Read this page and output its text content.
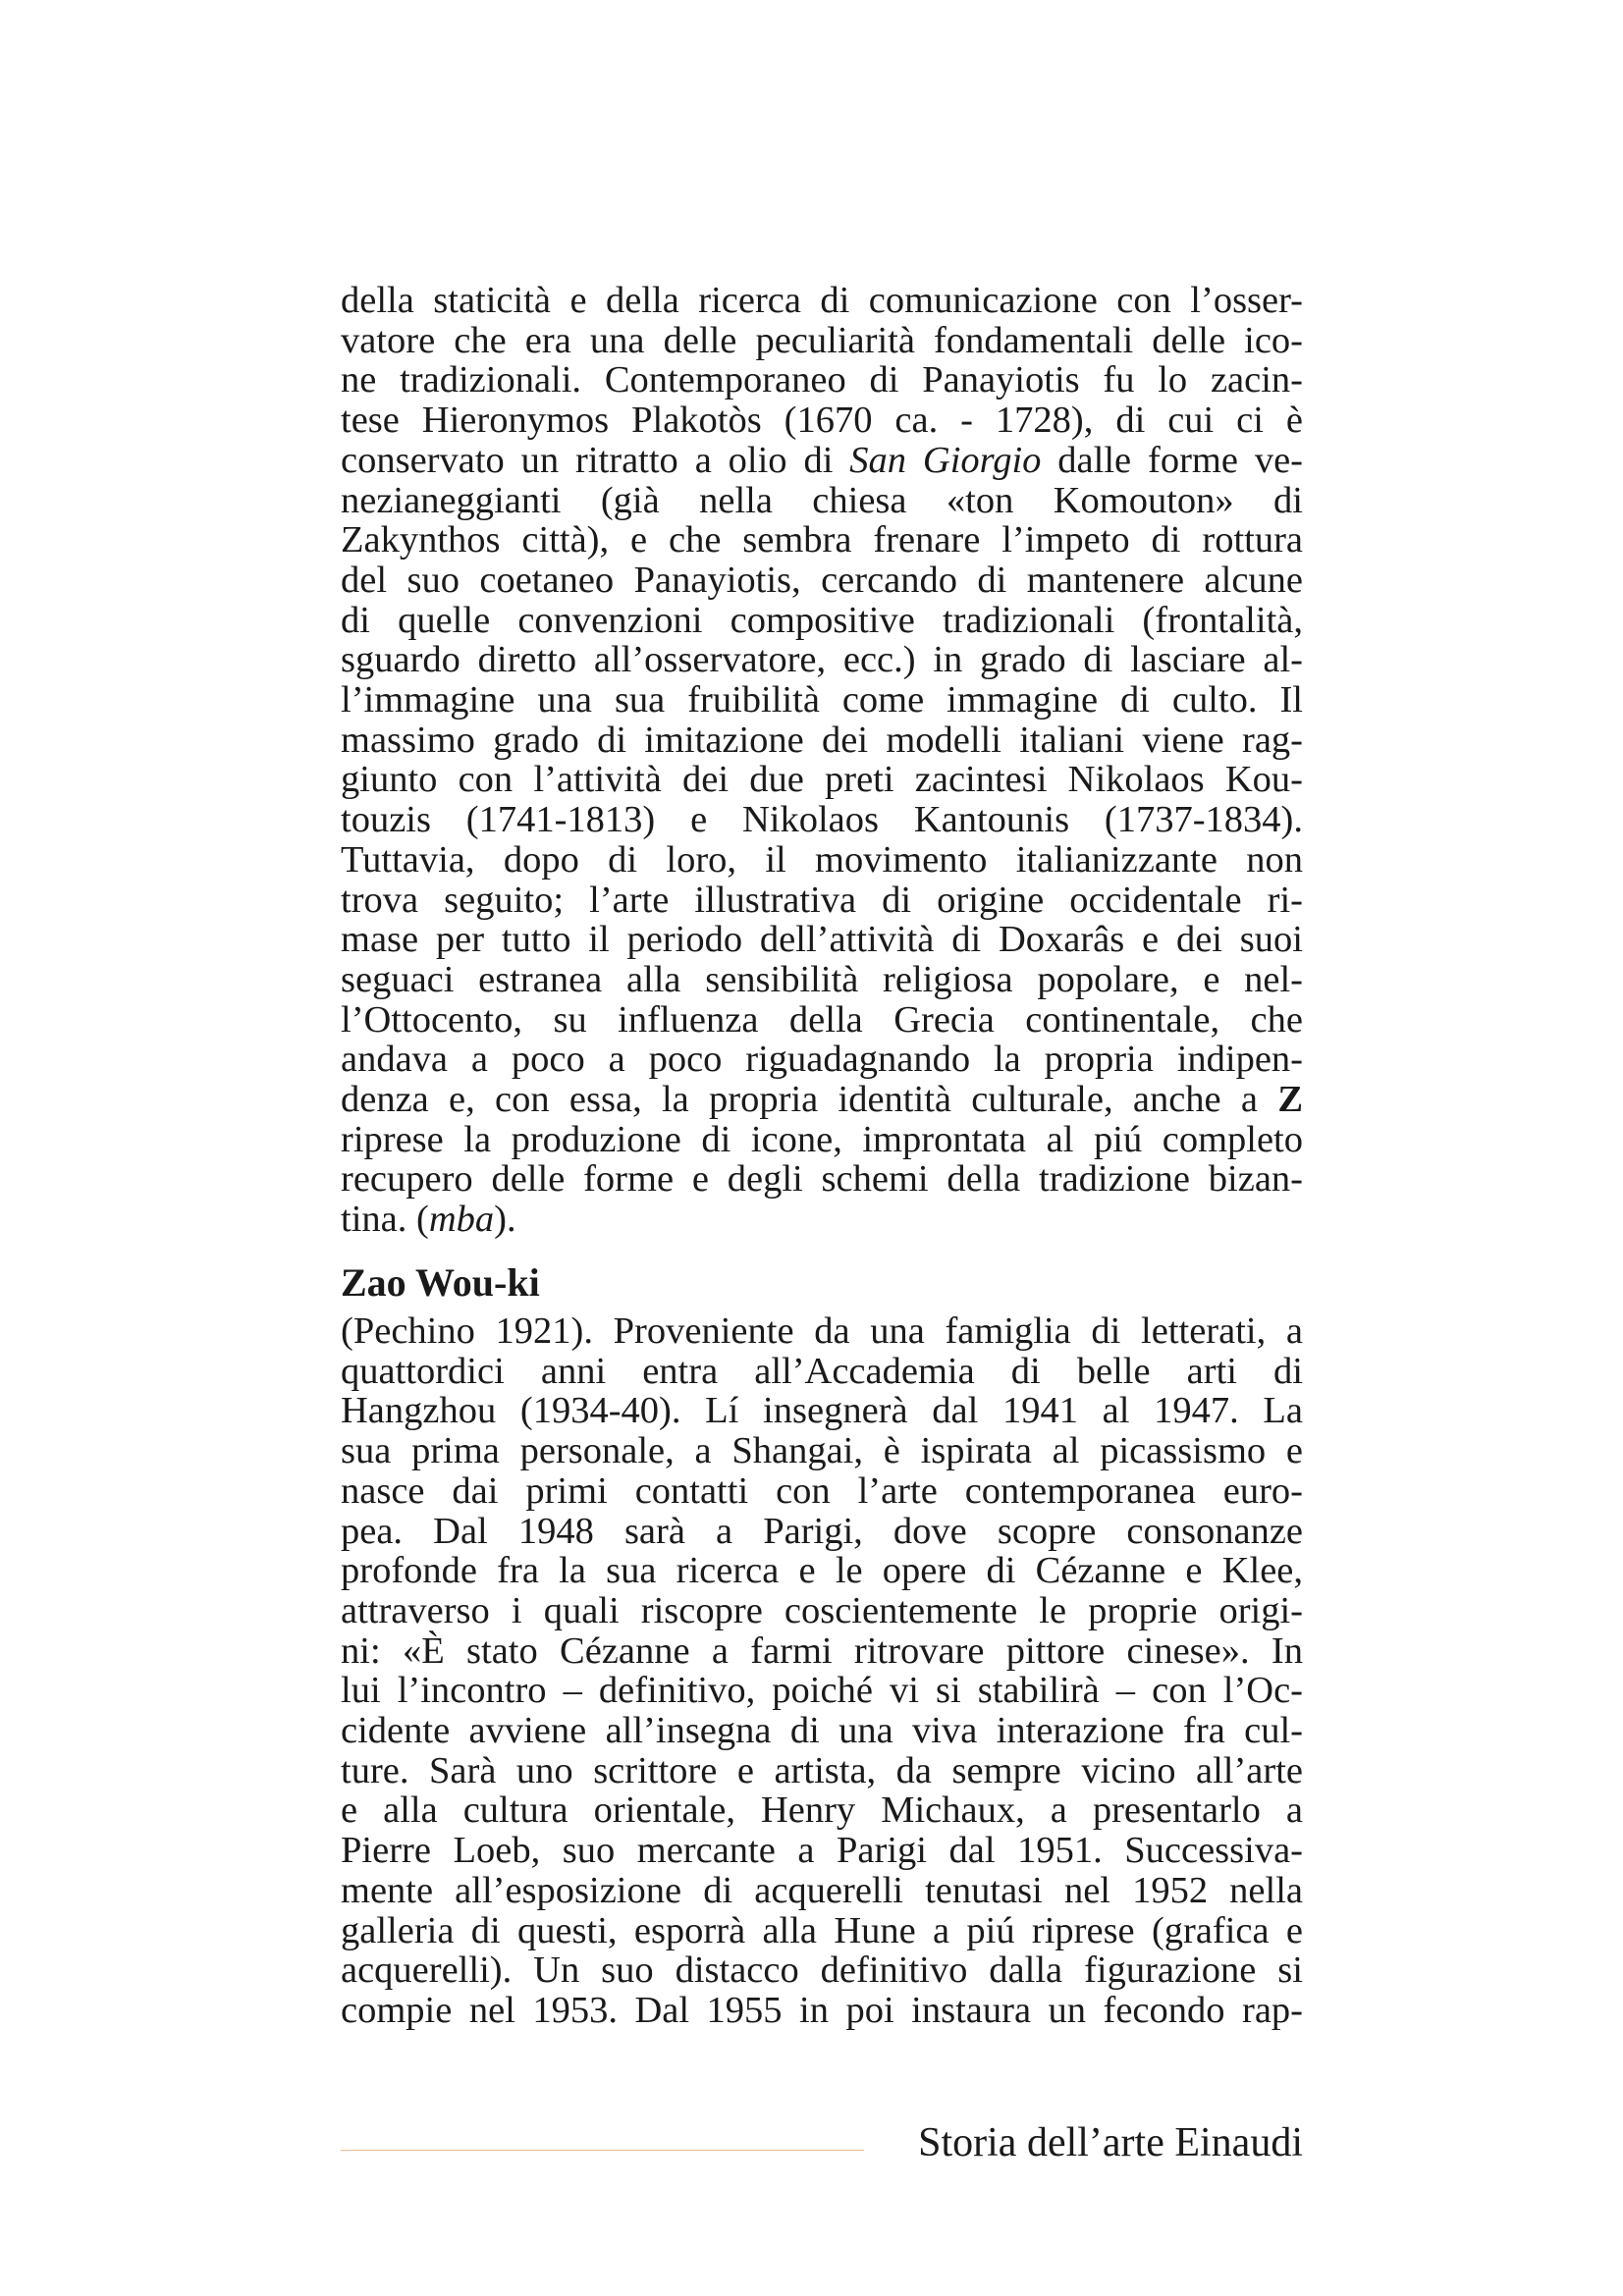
della staticità e della ricerca di comunicazione con l’osser-
vatore che era una delle peculiarità fondamentali delle ico-
ne tradizionali. Contemporaneo di Panayiotis fu lo zacin-
tese Hieronymos Plakotòs (1670 ca. - 1728), di cui ci è
conservato un ritratto a olio di San Giorgio dalle forme ve-
nezianeggianti (già nella chiesa «ton Komouton» di
Zakynthos città), e che sembra frenare l’impeto di rottura
del suo coetaneo Panayiotis, cercando di mantenere alcune
di quelle convenzioni compositive tradizionali (frontalità,
sguardo diretto all’osservatore, ecc.) in grado di lasciare al-
l’immagine una sua fruibilità come immagine di culto. Il
massimo grado di imitazione dei modelli italiani viene rag-
giunto con l’attività dei due preti zacintesi Nikolaos Kou-
touzis (1741-1813) e Nikolaos Kantounis (1737-1834).
Tuttavia, dopo di loro, il movimento italianizzante non
trova seguito; l’arte illustrativa di origine occidentale ri-
mase per tutto il periodo dell’attività di Doxarâs e dei suoi
seguaci estranea alla sensibilità religiosa popolare, e nel-
l’Ottocento, su influenza della Grecia continentale, che
andava a poco a poco riguadagnando la propria indipen-
denza e, con essa, la propria identità culturale, anche a Z
riprese la produzione di icone, improntata al piú completo
recupero delle forme e degli schemi della tradizione bizan-
tina. (mba).
Zao Wou-ki
(Pechino 1921). Proveniente da una famiglia di letterati, a
quattordici anni entra all’Accademia di belle arti di
Hangzhou (1934-40). Lí insegnerà dal 1941 al 1947. La
sua prima personale, a Shangai, è ispirata al picassismo e
nasce dai primi contatti con l’arte contemporanea euro-
pea. Dal 1948 sarà a Parigi, dove scopre consonanze
profonde fra la sua ricerca e le opere di Cézanne e Klee,
attraverso i quali riscopre coscientemente le proprie origi-
ni: «È stato Cézanne a farmi ritrovare pittore cinese». In
lui l’incontro – definitivo, poiché vi si stabilirà – con l’Oc-
cidente avviene all’insegna di una viva interazione fra cul-
ture. Sarà uno scrittore e artista, da sempre vicino all’arte
e alla cultura orientale, Henry Michaux, a presentarlo a
Pierre Loeb, suo mercante a Parigi dal 1951. Successiva-
mente all’esposizione di acquerelli tenutasi nel 1952 nella
galleria di questi, esporrà alla Hune a piú riprese (grafica e
acquerelli). Un suo distacco definitivo dalla figurazione si
compie nel 1953. Dal 1955 in poi instaura un fecondo rap-
Storia dell’arte Einaudi
